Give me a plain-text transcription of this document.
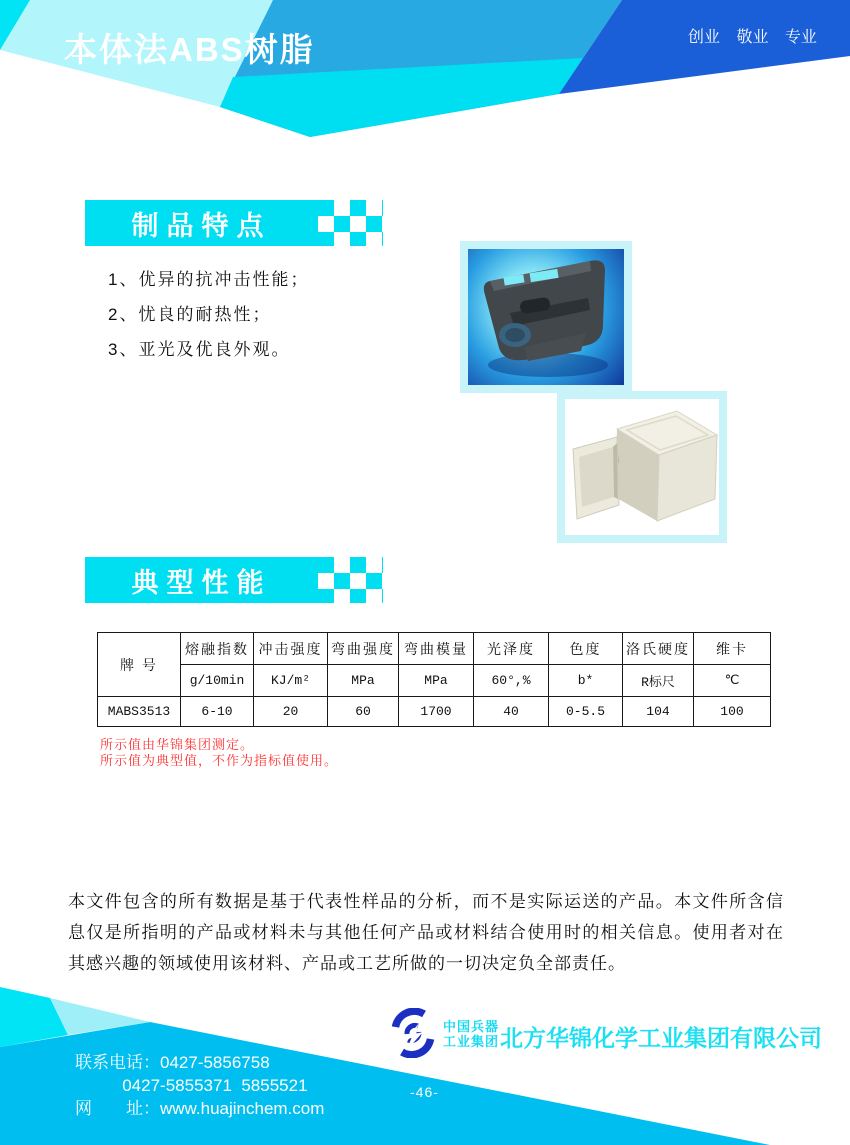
本体法ABS树脂	创业 敬业 专业
制品特点
1、优异的抗冲击性能；
2、忧良的耐热性；
3、亚光及优良外观。
典型性能
牌 号	熔融指数	冲击强度	弯曲强度	弯曲模量	光泽度	色度	洛氏硬度	维卡
	g/10min	KJ/m²	MPa	MPa	60°,%	b*	R标尺	℃
MABS3513	6-10	20	60	1700	40	0-5.5	104	100
所示值由华锦集团测定。
所示值为典型值，不作为指标值使用。
本文件包含的所有数据是基于代表性样品的分析，而不是实际运送的产品。本文件所含信息仅是所指明的产品或材料未与其他任何产品或材料结合使用时的相关信息。使用者对在其感兴趣的领域使用该材料、产品或工艺所做的一切决定负全部责任。
中国兵器
工业集团 北方华锦化学工业集团有限公司
联系电话：0427-5856758
0427-5855371  5855521
网　　址：www.huajinchem.com
-46-
